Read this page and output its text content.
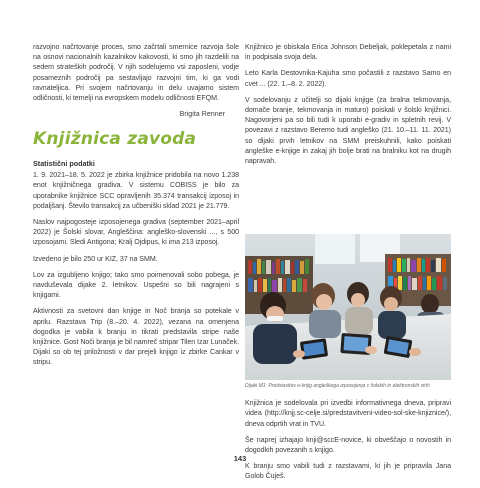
razvojno načrtovanje proces, smo začrtali smernice razvoja šole na osnovi nacionalnih kazalnikov kakovosti, ki smo jih razdelili na sedem strateških področij. V njih sodelujemo vsi zaposleni, vodje posameznih področij pa sestavljajo razvojni tim, ki ga vodi ravnateljica. Pri svojem načrtovanju in delu uvajamo sistem odličnosti, ki temelji na evropskem modelu odličnosti EFQM.

Brigita Renner

Knjižnica zavoda

Statistični podatki

1. 9. 2021–18. 5. 2022 je zbirka knjižnice pridobila na novo 1.238 enot knjižničnega gradiva. V sistemu COBISS je bilo za uporabnike knjižnice SCC opravljenih 35.374 transakcij izposoj in podaljšanj. Število transakcij za učbeniški sklad 2021 je 21.779.

Naslov najpogosteje izposojenega gradiva (september 2021–april 2022) je Šolski slovar, Angleščina: angleško-slovenski ..., s 500 izposojami. Sledi Antigona; Kralj Ojdipus, ki ima 213 izposoj.

Izvedeno je bilo 250 ur KIZ, 37 na SMM.

Lov za izgubljeno knjigo; tako smo poimenovali sobo pobega, je navduševala dijake 2. letnikov. Uspešni so bili nagrajeni s knjigami.

Aktivnosti za svetovni dan knjige in Noč branja so potekale v aprilu. Razstava Trip (8.–20. 4. 2022), vezana na omenjena dogodka je vabila k branju in tikrati predstavila stripe naše knjižnice. Gost Noči branja je bil namreč stripar Tilen Izar Lunaček. Dijaki so ob tej priložnosti v dar prejeli knjigo iz zbirke Cankar v stripu.

Knjižnico je obiskala Erica Johnson Debeljak, poklepetala z nami in podpisala svoja dela.

Leto Karla Destovnika-Kajuha smo počastili z razstavo Samo en cvet ... (22. 1.–8. 2. 2022).

V sodelovanju z učitelji so dijaki knjige (za bralna tekmovanja, domače branje, tekmovanja in maturo) poiskali v šolski knjižnici. Nagovorjeni pa so bili tudi k uporabi e-gradiv in spletnih revij. V povezavi z razstavo Beremo tudi angleško (21. 10.–11. 11. 2021) so dijaki prvih letnikov na SMM preiskuhnili, kako poiskati angleške e-knjige in zakaj jih bolje brati na bralniku kot na drugih napravah.

Dijaki M1: Predstavitev e-knjig angleškega izposojenja v šolskih in elektronskih virih

Knjižnica je sodelovala pri izvedbi informativnega dneva, pripravi videa (http://knjj.sc-celje.si/predstavitveni-video-sol-ske-knjiznice/), dneva odprtih vrat in TVU.

Še naprej izhajajo knji@sccE-novice, ki obveščajo o novostih in dogodkih povezanih s knjigo.

K branju smo vabili tudi z razstavami, ki jih je pripravila Jana Golob Čuješ.

143
